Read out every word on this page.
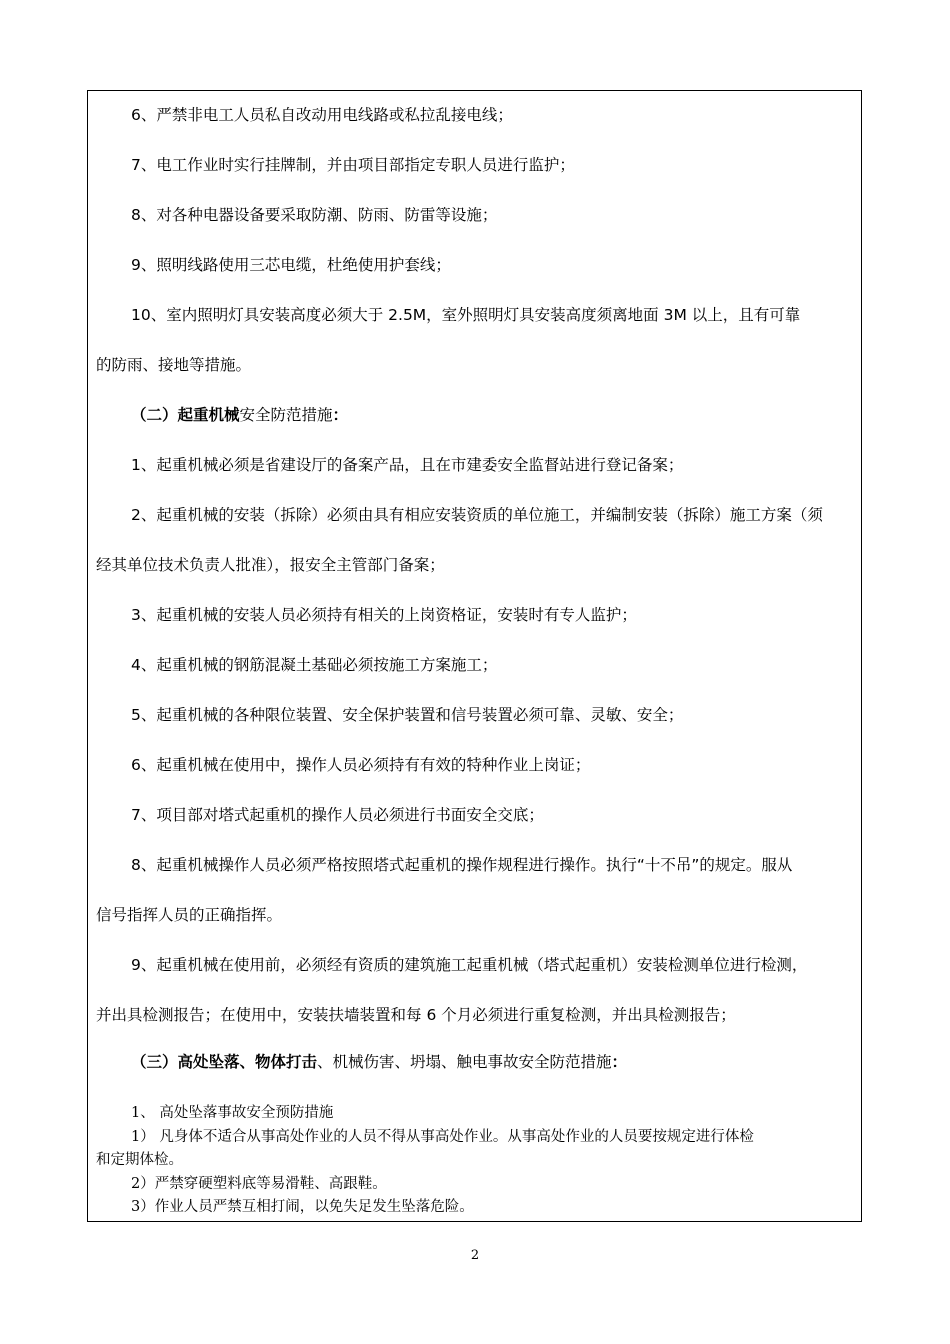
6、严禁非电工人员私自改动用电线路或私拉乱接电线；
7、电工作业时实行挂牌制，并由项目部指定专职人员进行监护；
8、对各种电器设备要采取防潮、防雨、防雷等设施；
9、照明线路使用三芯电缆，杜绝使用护套线；
10、室内照明灯具安装高度必须大于 2.5M，室外照明灯具安装高度须离地面 3M 以上，且有可靠
的防雨、接地等措施。
（二）起重机械安全防范措施：
1、起重机械必须是省建设厅的备案产品，且在市建委安全监督站进行登记备案；
2、起重机械的安装（拆除）必须由具有相应安装资质的单位施工，并编制安装（拆除）施工方案（须
经其单位技术负责人批准），报安全主管部门备案；
3、起重机械的安装人员必须持有相关的上岗资格证，安装时有专人监护；
4、起重机械的钢筋混凝土基础必须按施工方案施工；
5、起重机械的各种限位装置、安全保护装置和信号装置必须可靠、灵敏、安全；
6、起重机械在使用中，操作人员必须持有有效的特种作业上岗证；
7、项目部对塔式起重机的操作人员必须进行书面安全交底；
8、起重机械操作人员必须严格按照塔式起重机的操作规程进行操作。执行“十不吊”的规定。服从
信号指挥人员的正确指挥。
9、起重机械在使用前，必须经有资质的建筑施工起重机械（塔式起重机）安装检测单位进行检测，
并出具检测报告；在使用中，安装扶墙装置和每 6 个月必须进行重复检测，并出具检测报告；
（三）高处坠落、物体打击、机械伤害、坍塌、触电事故安全防范措施：
1、 高处坠落事故安全预防措施
1） 凡身体不适合从事高处作业的人员不得从事高处作业。从事高处作业的人员要按规定进行体检
和定期体检。
2）严禁穿硬塑料底等易滑鞋、高跟鞋。
3）作业人员严禁互相打闹，以免失足发生坠落危险。
2
